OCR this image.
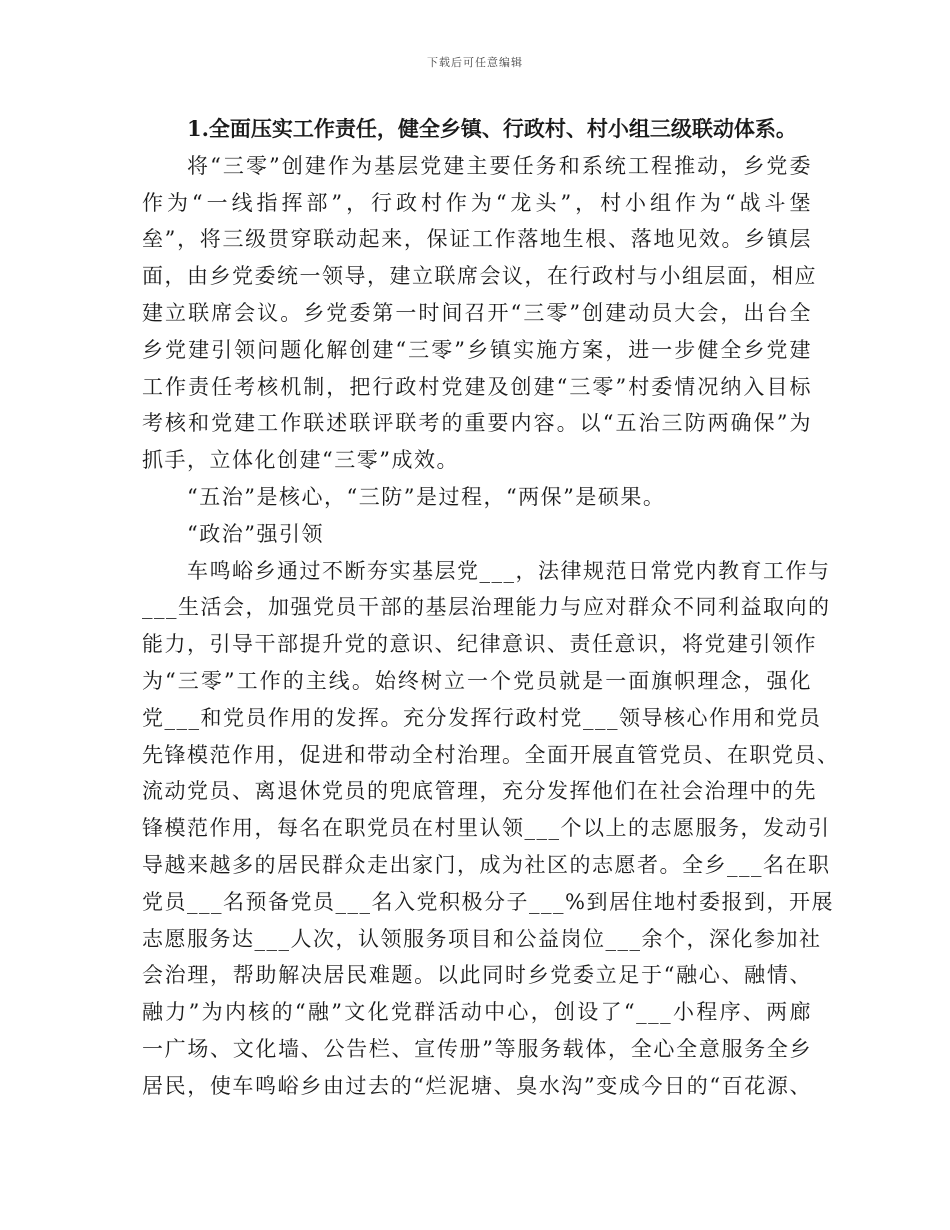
下载后可任意编辑

1.全面压实工作责任，健全乡镇、行政村、村小组三级联动体系。

将“三零”创建作为基层党建主要任务和系统工程推动，乡党委
作为“一线指挥部”，行政村作为“龙头”，村小组作为“战斗堡
垒”，将三级贯穿联动起来，保证工作落地生根、落地见效。乡镇层
面，由乡党委统一领导，建立联席会议，在行政村与小组层面，相应
建立联席会议。乡党委第一时间召开“三零”创建动员大会，出台全
乡党建引领问题化解创建“三零”乡镇实施方案，进一步健全乡党建
工作责任考核机制，把行政村党建及创建“三零”村委情况纳入目标
考核和党建工作联述联评联考的重要内容。以“五治三防两确保”为
抓手，立体化创建“三零”成效。

“五治”是核心，“三防”是过程，“两保”是硕果。

“政治”强引领

车鸣峪乡通过不断夯实基层党___，法律规范日常党内教育工作与
___生活会，加强党员干部的基层治理能力与应对群众不同利益取向的
能力，引导干部提升党的意识、纪律意识、责任意识，将党建引领作
为“三零”工作的主线。始终树立一个党员就是一面旗帜理念，强化
党___和党员作用的发挥。充分发挥行政村党___领导核心作用和党员
先锋模范作用，促进和带动全村治理。全面开展直管党员、在职党员、
流动党员、离退休党员的兜底管理，充分发挥他们在社会治理中的先
锋模范作用，每名在职党员在村里认领___个以上的志愿服务，发动引
导越来越多的居民群众走出家门，成为社区的志愿者。全乡___名在职
党员___名预备党员___名入党积极分子___%到居住地村委报到，开展
志愿服务达___人次，认领服务项目和公益岗位___余个，深化参加社
会治理，帮助解决居民难题。以此同时乡党委立足于“融心、融情、
融力”为内核的“融”文化党群活动中心，创设了“___小程序、两廊
一广场、文化墙、公告栏、宣传册”等服务载体，全心全意服务全乡
居民，使车鸣峪乡由过去的“烂泥塘、臭水沟”变成今日的“百花源、
